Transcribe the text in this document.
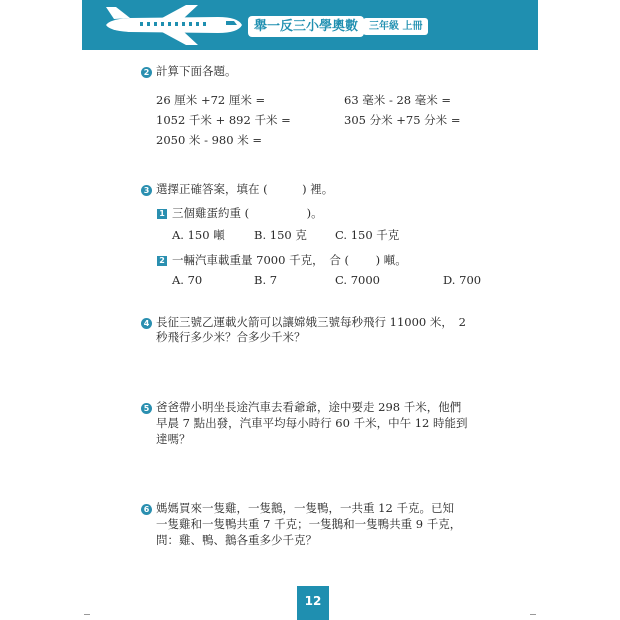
舉一反三小學奧數	三年級 上冊
2 計算下面各題。
26 厘米 +72 厘米 =	63 毫米 - 28 毫米 =
1052 千米 + 892 千米 =	305 分米 +75 分米 =
2050 米 - 980 米 =
3 選擇正確答案，填在 (　　　) 裡。
1 三個雞蛋約重 (　　　　　)。
A. 150 噸	B. 150 克 C. 150 千克
2 一輛汽車載重量 7000 千克，　合 (　　 ) 噸。
A. 70	B. 7	C. 7000	D. 700
4 長征三號乙運載火箭可以讓嫦娥三號每秒飛行 11000 米，　2
秒飛行多少米？合多少千米？
5 爸爸帶小明坐長途汽車去看爺爺，途中要走 298 千米，他們
早晨 7 點出發，汽車平均每小時行 60 千米，中午 12 時能到
達嗎？
6 媽媽買來一隻雞，一隻鵝，一隻鴨，一共重 12 千克。已知
一隻雞和一隻鴨共重 7 千克；一隻鵝和一隻鴨共重 9 千克，
問：雞、鴨、鵝各重多少千克？
12
